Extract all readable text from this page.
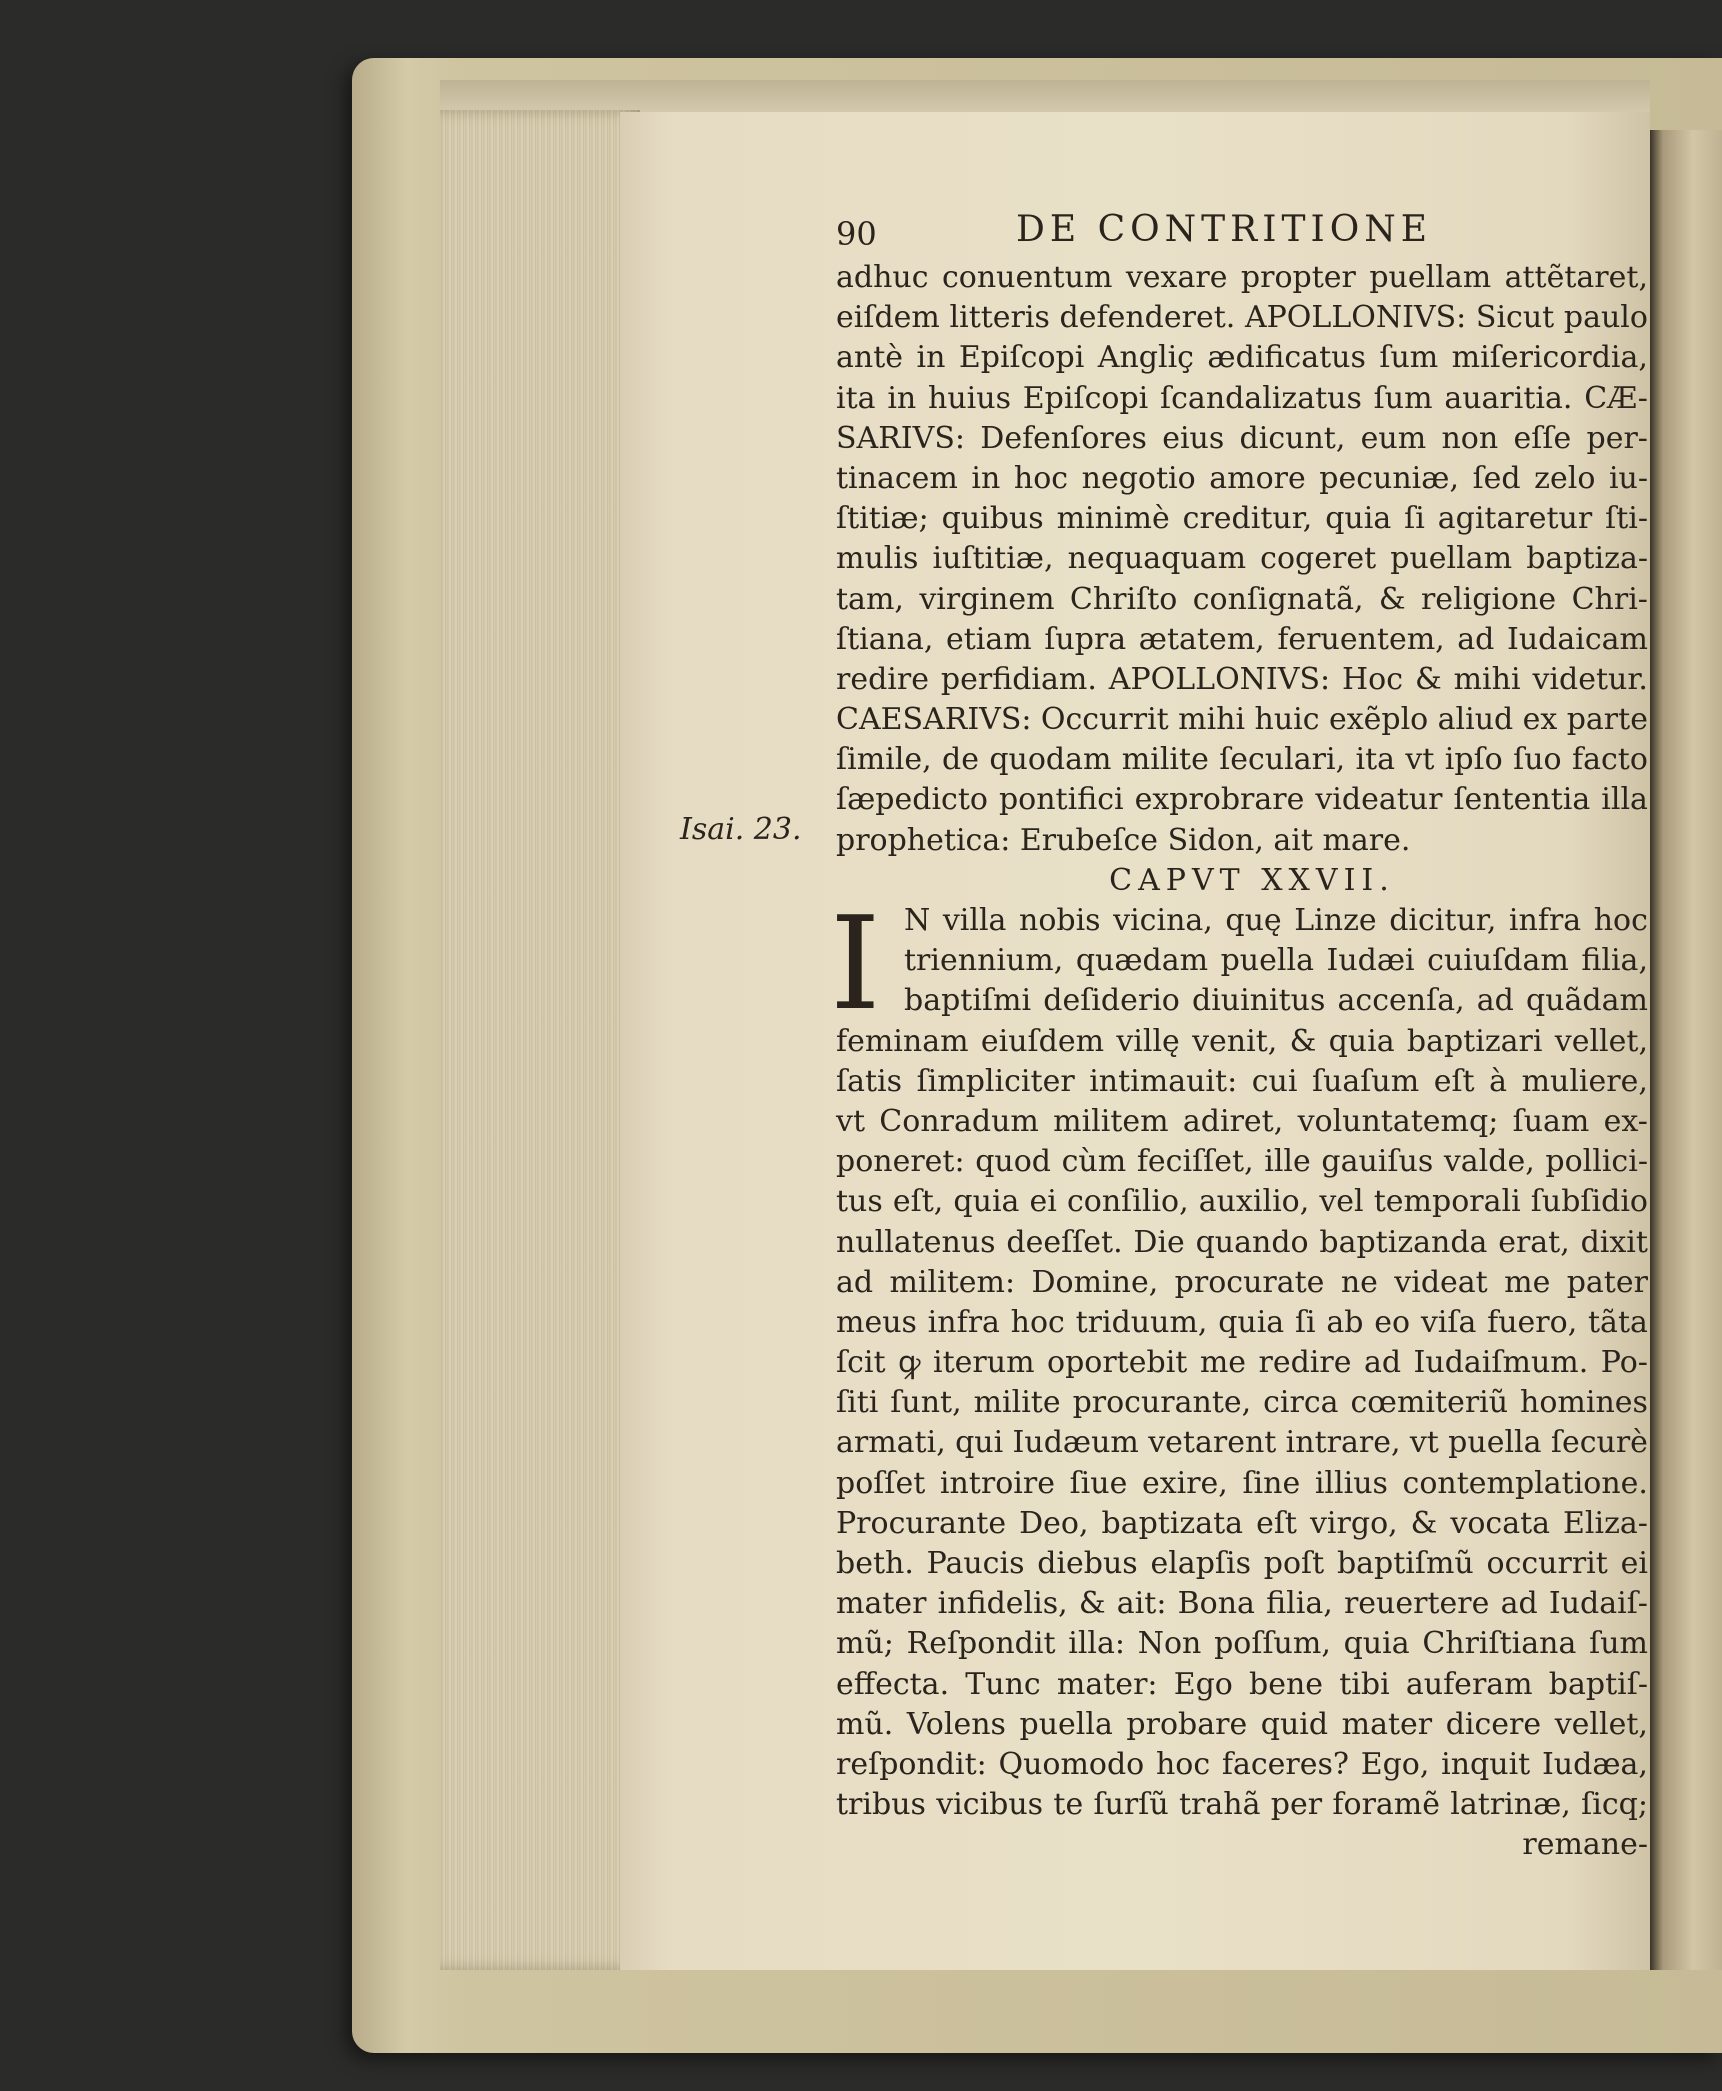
Isai. 23.
90	DE CONTRITIONE
adhuc conuentum vexare propter puellam attẽtaret,
eiſdem litteris defenderet. APOLLONIVS: Sicut paulo
antè in Epiſcopi Angliç ædificatus ſum miſericordia,
ita in huius Epiſcopi ſcandalizatus ſum auaritia. CÆ-
SARIVS: Defenſores eius dicunt, eum non eſſe per-
tinacem in hoc negotio amore pecuniæ, ſed zelo iu-
ſtitiæ; quibus minimè creditur, quia ſi agitaretur ſti-
mulis iuſtitiæ, nequaquam cogeret puellam baptiza-
tam, virginem Chriſto conſignatã, & religione Chri-
ſtiana, etiam ſupra ætatem, feruentem, ad Iudaicam
redire perfidiam. APOLLONIVS: Hoc & mihi videtur.
CAESARIVS: Occurrit mihi huic exẽplo aliud ex parte
ſimile, de quodam milite ſeculari, ita vt ipſo ſuo facto
ſæpedicto pontifici exprobrare videatur ſententia illa
prophetica: Erubeſce Sidon, ait mare.
CAPVT XXVII.
I N villa nobis vicina, quę Linze dicitur, infra hoc
triennium, quædam puella Iudæi cuiuſdam filia,
baptiſmi deſiderio diuinitus accenſa, ad quãdam
feminam eiuſdem villę venit, & quia baptizari vellet,
ſatis ſimpliciter intimauit: cui ſuaſum eſt à muliere,
vt Conradum militem adiret, voluntatemq; ſuam ex-
poneret: quod cùm feciſſet, ille gauiſus valde, pollici-
tus eſt, quia ei conſilio, auxilio, vel temporali ſubſidio
nullatenus deeſſet. Die quando baptizanda erat, dixit
ad militem: Domine, procurate ne videat me pater
meus infra hoc triduum, quia ſi ab eo viſa fuero, tãta
ſcit ꝙ iterum oportebit me redire ad Iudaiſmum. Po-
ſiti ſunt, milite procurante, circa cœmiteriũ homines
armati, qui Iudæum vetarent intrare, vt puella ſecurè
poſſet introire ſiue exire, ſine illius contemplatione.
Procurante Deo, baptizata eſt virgo, & vocata Eliza-
beth. Paucis diebus elapſis poſt baptiſmũ occurrit ei
mater infidelis, & ait: Bona filia, reuertere ad Iudaiſ-
mũ; Reſpondit illa: Non poſſum, quia Chriſtiana ſum
effecta. Tunc mater: Ego bene tibi auferam baptiſ-
mũ. Volens puella probare quid mater dicere vellet,
reſpondit: Quomodo hoc faceres? Ego, inquit Iudæa,
tribus vicibus te ſurſũ trahã per foramẽ latrinæ, ſicq;
remane-
